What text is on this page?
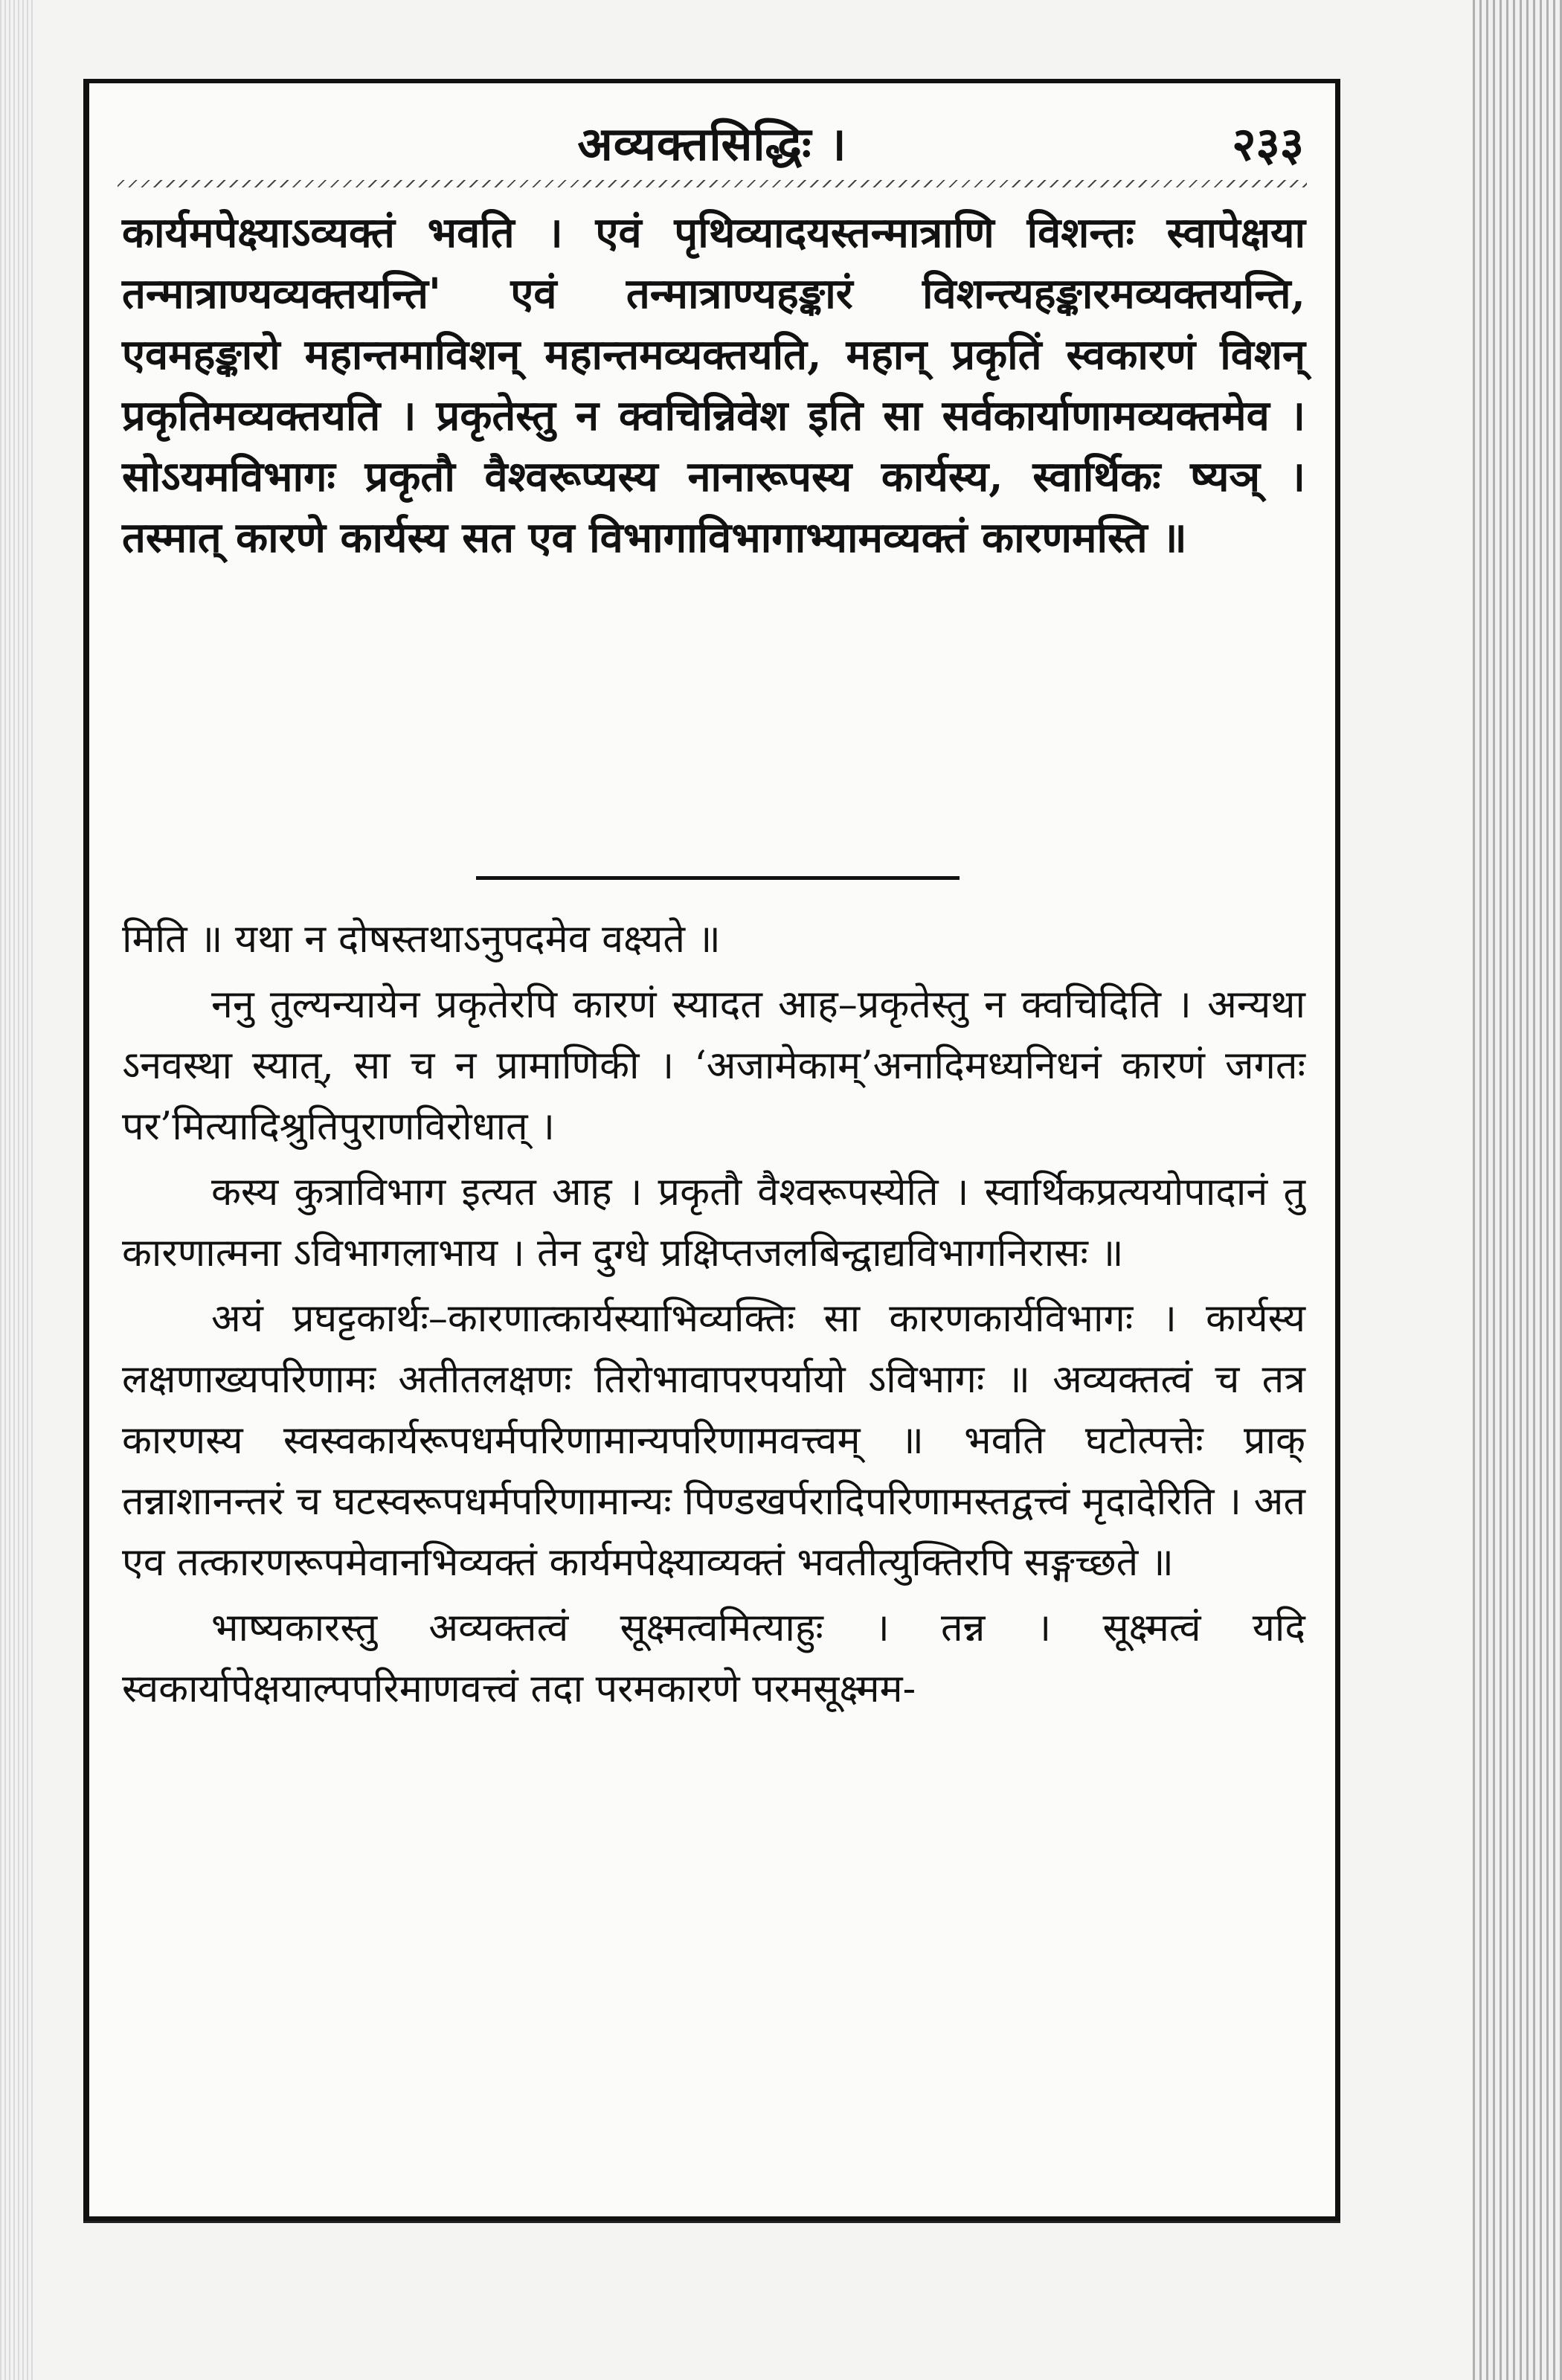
अव्यक्तसिद्धिः ।	२३३

कार्यमपेक्ष्याऽव्यक्तं भवति । एवं पृथिव्यादयस्तन्मात्राणि विशन्तः स्वापेक्षया तन्मात्राण्यव्यक्तयन्ति' एवं तन्मात्राण्यहङ्कारं विशन्त्यहङ्कारमव्यक्तयन्ति, एवमहङ्कारो महान्तमाविशन् महान्तमव्यक्तयति, महान् प्रकृतिं स्वकारणं विशन् प्रकृतिमव्यक्तयति । प्रकृतेस्तु न क्वचिन्निवेश इति सा सर्वकार्याणामव्यक्तमेव । सोऽयमविभागः प्रकृतौ वैश्वरूप्यस्य नानारूपस्य कार्यस्य, स्वार्थिकः ष्यञ् । तस्मात् कारणे कार्यस्य सत एव विभागाविभागाभ्यामव्यक्तं कारणमस्ति ॥

मिति ॥ यथा न दोषस्तथाऽनुपदमेव वक्ष्यते ॥

ननु तुल्यन्यायेन प्रकृतेरपि कारणं स्यादत आह–प्रकृतेस्तु न क्वचिदिति । अन्यथा ऽनवस्था स्यात्, सा च न प्रामाणिकी । ‘अजामेकाम्’अनादिमध्यनिधनं कारणं जगतः पर’मित्यादिश्रुतिपुराणविरोधात् ।

कस्य कुत्राविभाग इत्यत आह । प्रकृतौ वैश्वरूपस्येति । स्वार्थिकप्रत्ययोपादानं तु कारणात्मना ऽविभागलाभाय । तेन दुग्धे प्रक्षिप्तजलबिन्द्वाद्यविभागनिरासः ॥

अयं प्रघट्टकार्थः–कारणात्कार्यस्याभिव्यक्तिः सा कारणकार्यविभागः । कार्यस्य लक्षणाख्यपरिणामः अतीतलक्षणः तिरोभावापरपर्यायो ऽविभागः ॥ अव्यक्तत्वं च तत्र कारणस्य स्वस्वकार्यरूपधर्मपरिणामान्यपरिणामवत्त्वम् ॥ भवति घटोत्पत्तेः प्राक् तन्नाशानन्तरं च घटस्वरूपधर्मपरिणामान्यः पिण्डखर्परादिपरिणामस्तद्वत्त्वं मृदादेरिति । अत एव तत्कारणरूपमेवानभिव्यक्तं कार्यमपेक्ष्याव्यक्तं भवतीत्युक्तिरपि सङ्गच्छते ॥

भाष्यकारस्तु अव्यक्तत्वं सूक्ष्मत्वमित्याहुः । तन्न । सूक्ष्मत्वं यदि स्वकार्यापेक्षयाल्पपरिमाणवत्त्वं तदा परमकारणे परमसूक्ष्मम-
